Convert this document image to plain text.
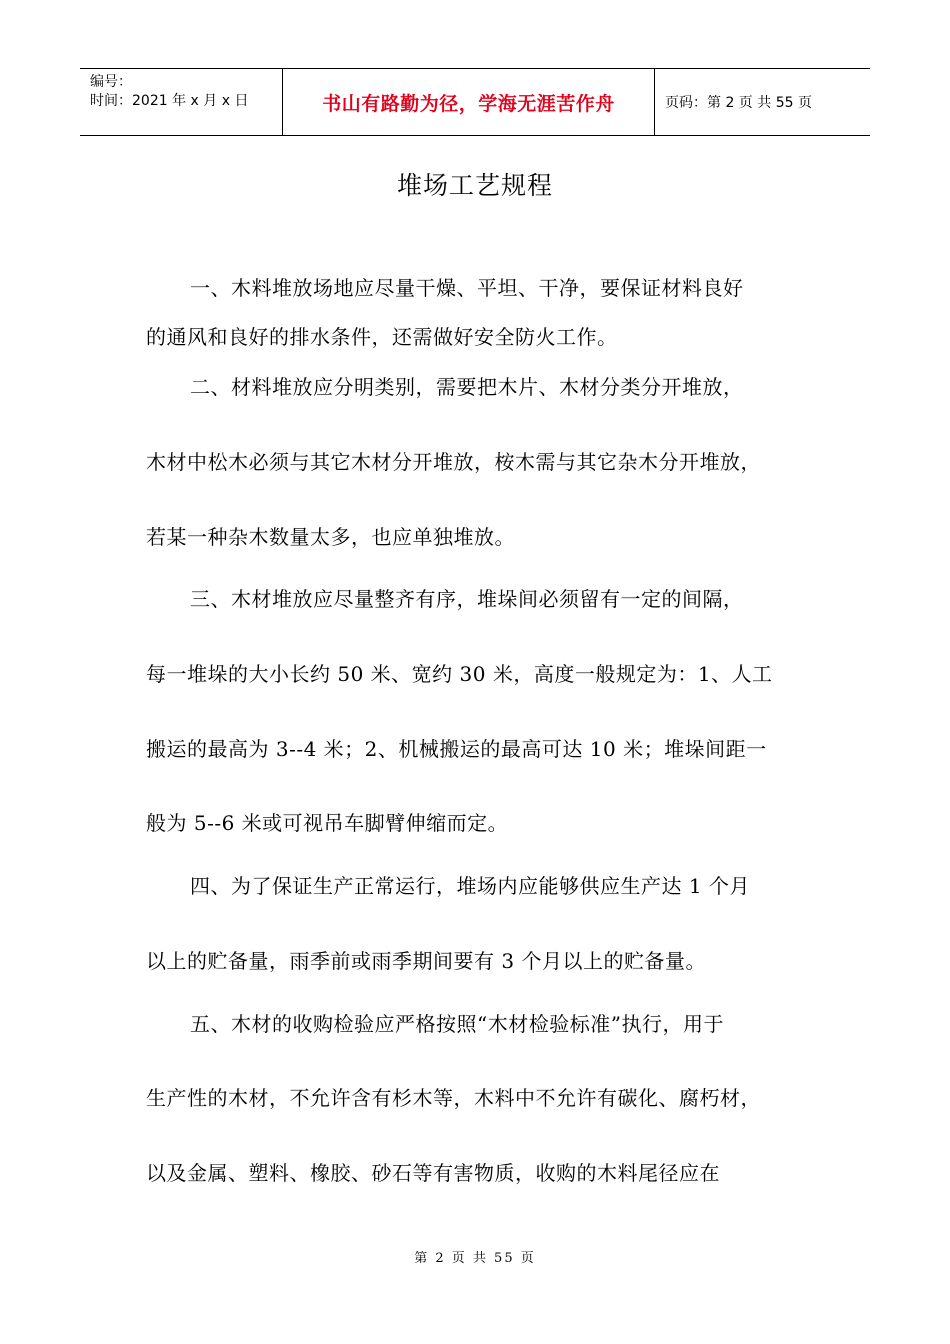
编号：
时间：2021 年 x 月 x 日	书山有路勤为径，学海无涯苦作舟	页码：第 2 页 共 55 页
堆场工艺规程
一、木料堆放场地应尽量干燥、平坦、干净，要保证材料良好
的通风和良好的排水条件，还需做好安全防火工作。
二、材料堆放应分明类别，需要把木片、木材分类分开堆放，
木材中松木必须与其它木材分开堆放，桉木需与其它杂木分开堆放，
若某一种杂木数量太多，也应单独堆放。
三、木材堆放应尽量整齐有序，堆垛间必须留有一定的间隔，
每一堆垛的大小长约 50 米、宽约 30 米，高度一般规定为：1、人工
搬运的最高为 3--4 米；2、机械搬运的最高可达 10 米；堆垛间距一
般为 5--6 米或可视吊车脚臂伸缩而定。
四、为了保证生产正常运行，堆场内应能够供应生产达 1 个月
以上的贮备量，雨季前或雨季期间要有 3 个月以上的贮备量。
五、木材的收购检验应严格按照“木材检验标准”执行，用于
生产性的木材，不允许含有杉木等，木料中不允许有碳化、腐朽材，
以及金属、塑料、橡胶、砂石等有害物质，收购的木料尾径应在
第 2 页 共 55 页
